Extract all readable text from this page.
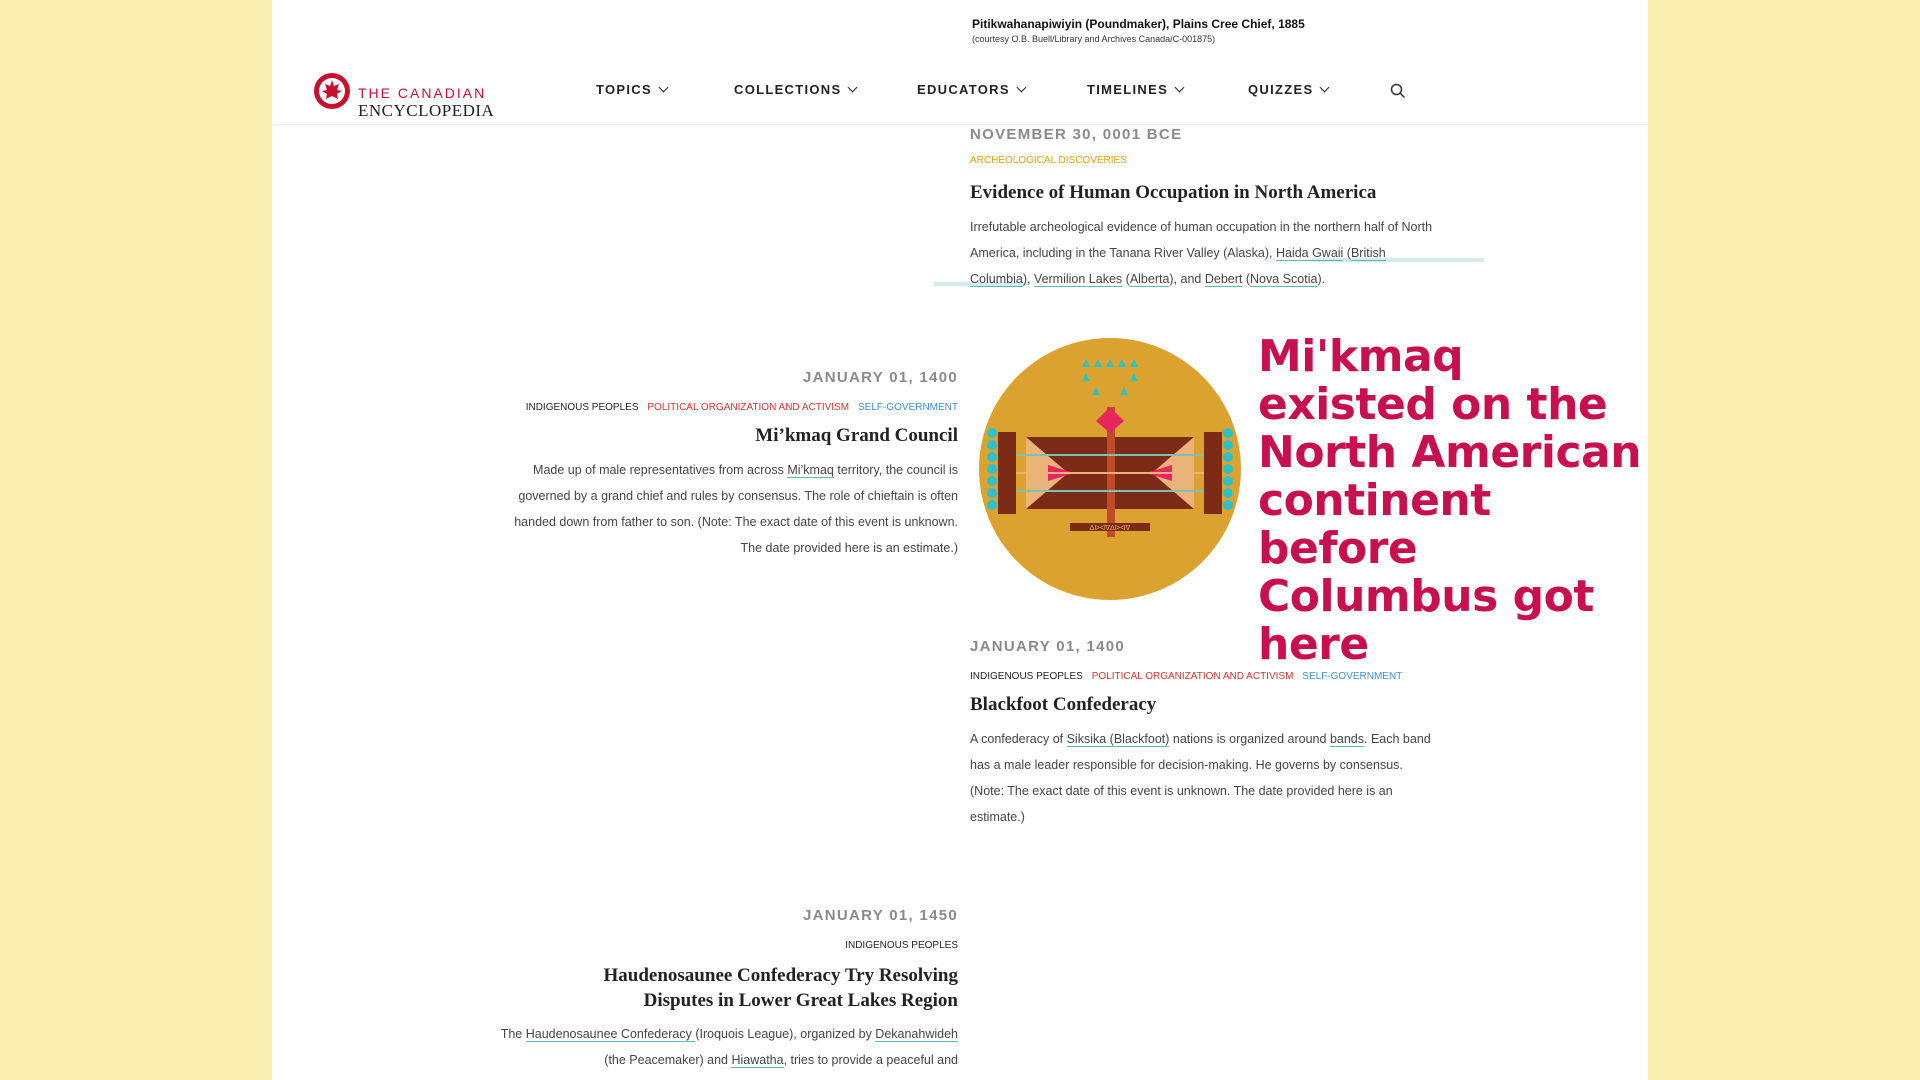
Pitikwahanapiwiyin (Poundmaker), Plains Cree Chief, 1885
(courtesy O.B. Buell/Library and Archives Canada/C-001875)
THE CANADIAN
ENCYCLOPEDIA
TOPICS	COLLECTIONS	EDUCATORS	TIMELINES	QUIZZES
NOVEMBER 30, 0001 BCE
ARCHEOLOGICAL DISCOVERIES
Evidence of Human Occupation in North America
Irrefutable archeological evidence of human occupation in the northern half of North America, including in the Tanana River Valley (Alaska), Haida Gwaii (British Columbia), Vermilion Lakes (Alberta), and Debert (Nova Scotia).
JANUARY 01, 1400
INDIGENOUS PEOPLES POLITICAL ORGANIZATION AND ACTIVISM SELF-GOVERNMENT
Mi’kmaq Grand Council
Made up of male representatives from across Mi’kmaq territory, the council is governed by a grand chief and rules by consensus. The role of chieftain is often handed down from father to son. (Note: The exact date of this event is unknown. The date provided here is an estimate.)
ᐃᐅᐊᐁᐃᐅᐊᐁ
Mi'kmaq existed on the North American continent before Columbus got here
JANUARY 01, 1400
INDIGENOUS PEOPLES POLITICAL ORGANIZATION AND ACTIVISM SELF-GOVERNMENT
Blackfoot Confederacy
A confederacy of Siksika (Blackfoot) nations is organized around bands. Each band has a male leader responsible for decision-making. He governs by consensus. (Note: The exact date of this event is unknown. The date provided here is an estimate.)
JANUARY 01, 1450
INDIGENOUS PEOPLES
Haudenosaunee Confederacy Try Resolving Disputes in Lower Great Lakes Region
The Haudenosaunee Confederacy (Iroquois League), organized by Dekanahwideh (the Peacemaker) and Hiawatha, tries to provide a peaceful and
